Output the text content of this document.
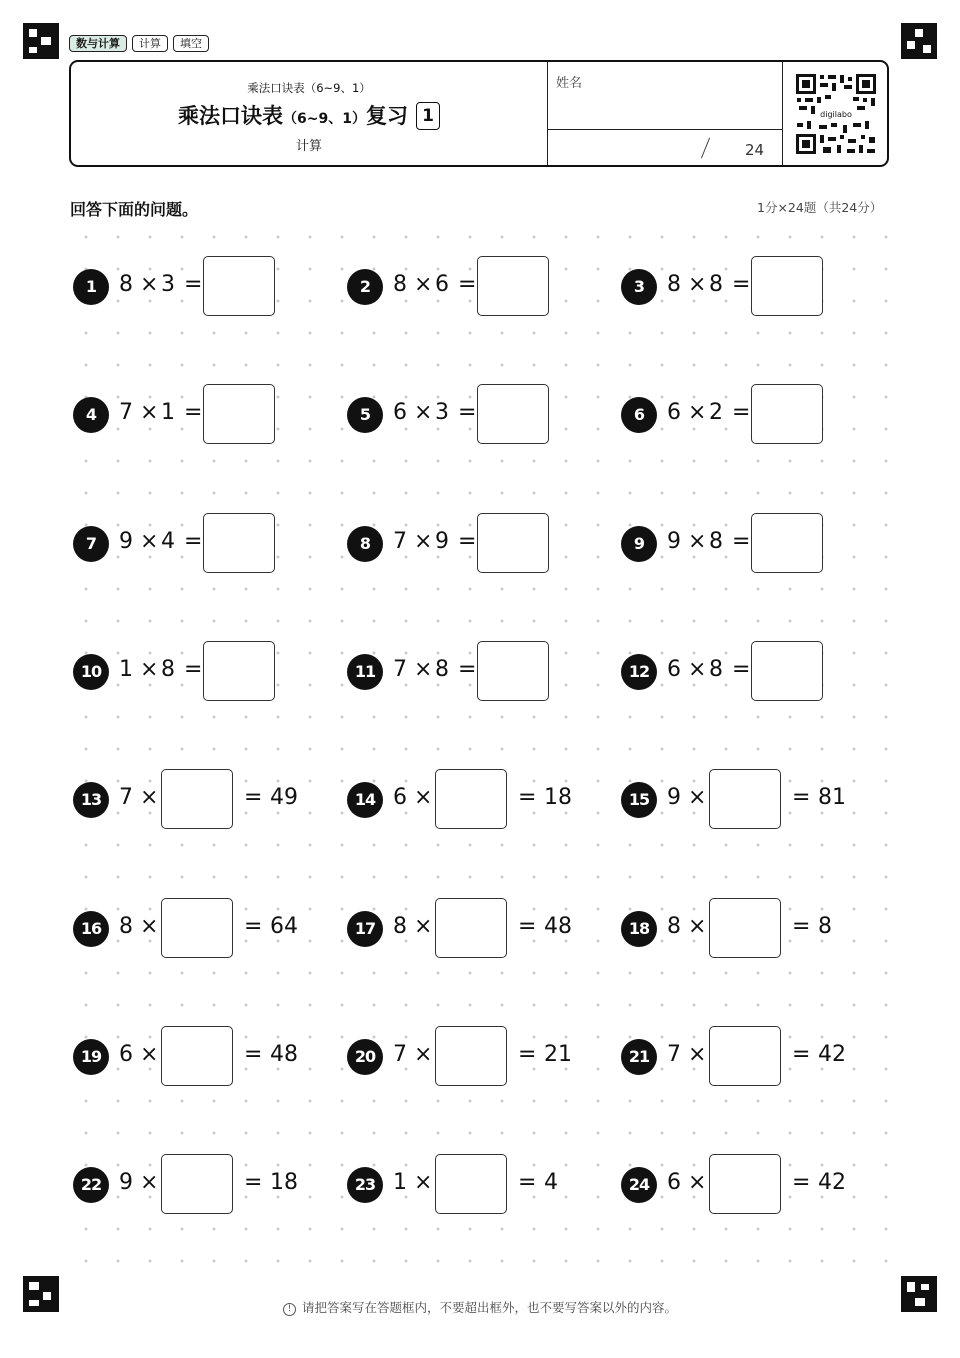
数与计算	计算	填空
乘法口诀表（6~9、1）
乘法口诀表（6~9、1）复习 1
计算
姓名
24
digilabo
回答下面的问题。	1分×24题（共24分）
1	8 × 3 =	2	8 × 6 =	3	8 × 8 =
4	7 × 1 =	5	6 × 3 =	6	6 × 2 =
7	9 × 4 =	8	7 × 9 =	9	9 × 8 =
10 1 × 8 =	11 7 × 8 =	12 6 × 8 =
13 7 ×	= 49	14 6 ×	= 18	15 9 ×	= 81
16 8 ×	= 64	17 8 ×	= 48	18 8 ×	= 8
19 6 ×	= 48	20 7 ×	= 21	21 7 ×	= 42
22 9 ×	= 18	23 1 ×	= 4	24 6 ×	= 42
! 请把答案写在答题框内，不要超出框外，也不要写答案以外的内容。
